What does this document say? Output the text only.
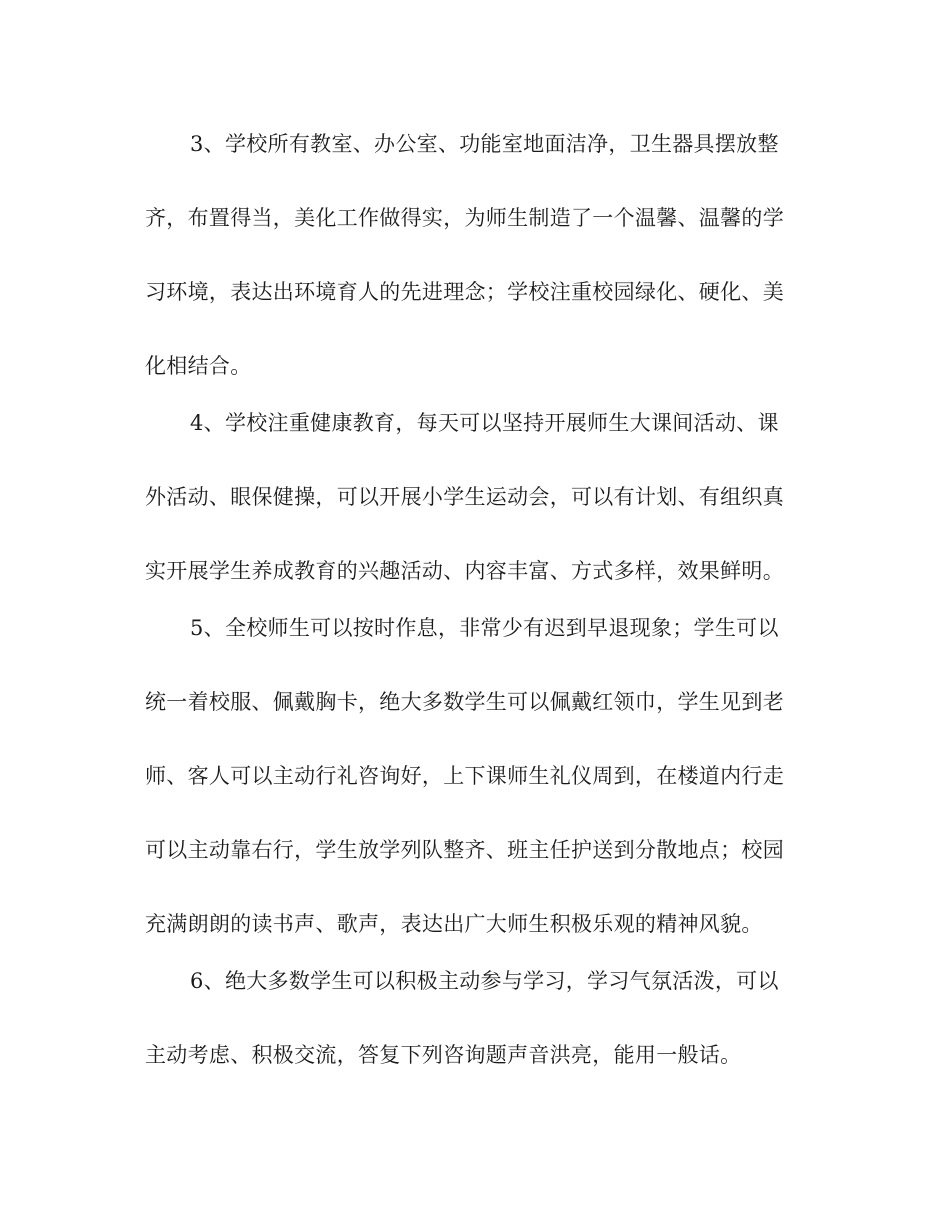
3、学校所有教室、办公室、功能室地面洁净，卫生器具摆放整

齐，布置得当，美化工作做得实，为师生制造了一个温馨、温馨的学

习环境，表达出环境育人的先进理念；学校注重校园绿化、硬化、美

化相结合。

4、学校注重健康教育，每天可以坚持开展师生大课间活动、课

外活动、眼保健操，可以开展小学生运动会，可以有计划、有组织真

实开展学生养成教育的兴趣活动、内容丰富、方式多样，效果鲜明。

5、全校师生可以按时作息，非常少有迟到早退现象；学生可以

统一着校服、佩戴胸卡，绝大多数学生可以佩戴红领巾，学生见到老

师、客人可以主动行礼咨询好，上下课师生礼仪周到，在楼道内行走

可以主动靠右行，学生放学列队整齐、班主任护送到分散地点；校园

充满朗朗的读书声、歌声，表达出广大师生积极乐观的精神风貌。

6、绝大多数学生可以积极主动参与学习，学习气氛活泼，可以

主动考虑、积极交流，答复下列咨询题声音洪亮，能用一般话。
